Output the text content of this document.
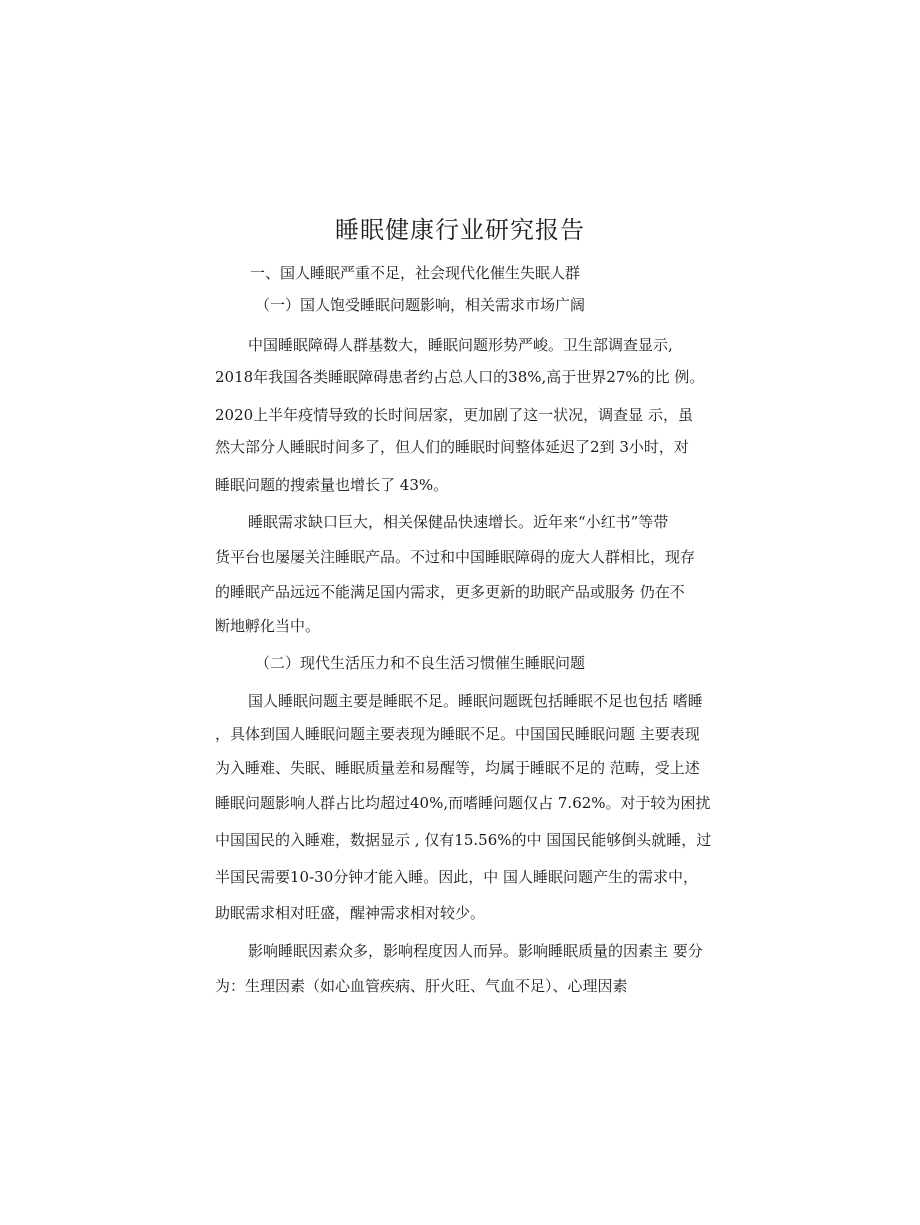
睡眠健康行业研究报告
一、国人睡眠严重不足，社会现代化催生失眠人群
（一）国人饱受睡眠问题影响，相关需求市场广阔
中国睡眠障碍人群基数大，睡眠问题形势严峻。卫生部调查显示,
2018年我国各类睡眠障碍患者约占总人口的38%,高于世界27%的比 例。
2020上半年疫情导致的长时间居家，更加剧了这一状况，调查显 示，虽
然大部分人睡眠时间多了，但人们的睡眠时间整体延迟了2到 3小时，对
睡眠问题的搜索量也增长了 43%。
睡眠需求缺口巨大，相关保健品快速增长。近年来“小红书”等带
货平台也屡屡关注睡眠产品。不过和中国睡眠障碍的庞大人群相比，现存
的睡眠产品远远不能满足国内需求，更多更新的助眠产品或服务 仍在不
断地孵化当中。
（二）现代生活压力和不良生活习惯催生睡眠问题
国人睡眠问题主要是睡眠不足。睡眠问题既包括睡眠不足也包括 嗜睡
，具体到国人睡眠问题主要表现为睡眠不足。中国国民睡眠问题 主要表现
为入睡难、失眠、睡眠质量差和易醒等，均属于睡眠不足的 范畴，受上述
睡眠问题影响人群占比均超过40%,而嗜睡问题仅占 7.62%。对于较为困扰
中国国民的入睡难，数据显示 , 仅有15.56%的中 国国民能够倒头就睡，过
半国民需要10-30分钟才能入睡。因此，中 国人睡眠问题产生的需求中，
助眠需求相对旺盛，醒神需求相对较少。
影响睡眠因素众多，影响程度因人而异。影响睡眠质量的因素主 要分
为：生理因素（如心血管疾病、肝火旺、气血不足）、心理因素
